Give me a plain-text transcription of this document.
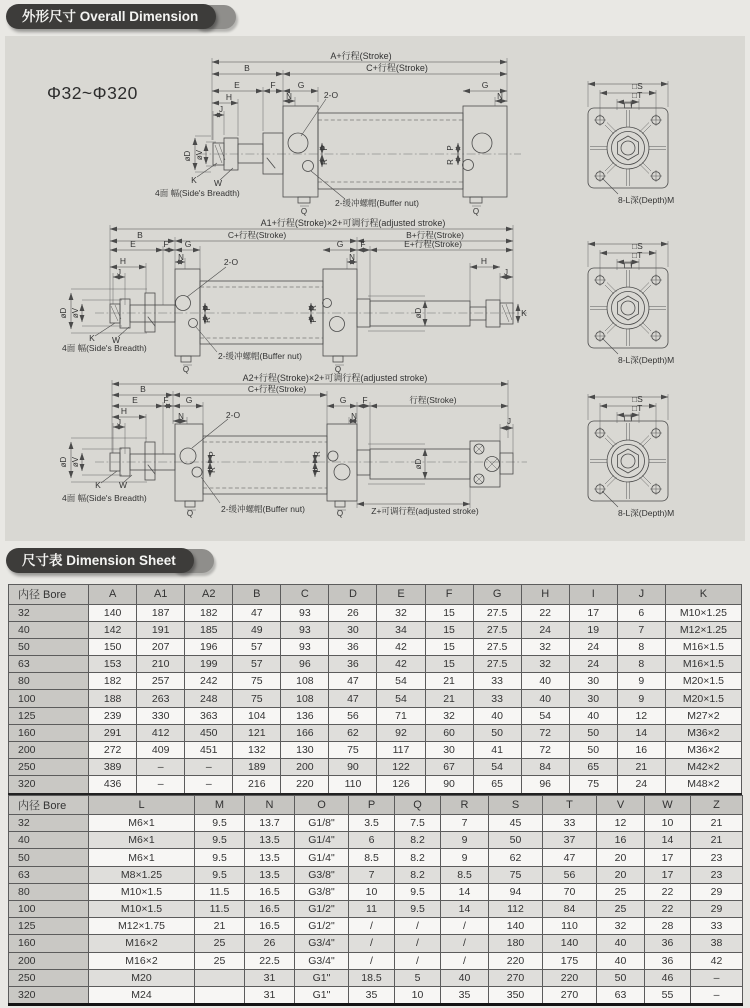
外形尺寸 Overall Dimension
Φ32~Φ320
A+行程(Stroke)
B	C+行程(Stroke)
E	F	G
H
J
N
G
N
2-O
øD øV
K W
4面 幅(Side's Breadth)
2-缓冲螺帽(Buffer nut)
P
R
P
R
Q	Q
A1+行程(Stroke)×2+可调行程(adjusted stroke)
B	C+行程(Stroke)	B+行程(Stroke)
E	F G	G F	E+行程(Stroke)
N	N
H
J
H
J
2-O
øD øV	øD	K
K W
4面 幅(Side's Breadth)
2-缓冲螺帽(Buffer nut)
P
R
R
P
Q	Q
A2+行程(Stroke)×2+可调行程(adjusted stroke)
B	C+行程(Stroke)
E	F G	G F	行程(Stroke)
N	N
H
J	J
2-O
øD øV	øD
K W
4面 幅(Side's Breadth)
2-缓冲螺帽(Buffer nut)	Z+可调行程(adjusted stroke)
P
R
R
P
Q	Q
□S
□T
I
8-L深(Depth)M
□S
□T
I
8-L深(Depth)M
□S
□T
I
8-L深(Depth)M
尺寸表 Dimension Sheet
内径 Bore	A	A1	A2	B	C	D	E	F	G	H	I	J	K
32	140	187	182	47	93	26	32	15	27.5	22	17	6	M10×1.25
40	142	191	185	49	93	30	34	15	27.5	24	19	7	M12×1.25
50	150	207	196	57	93	36	42	15	27.5	32	24	8	M16×1.5
63	153	210	199	57	96	36	42	15	27.5	32	24	8	M16×1.5
80	182	257	242	75	108	47	54	21	33	40	30	9	M20×1.5
100	188	263	248	75	108	47	54	21	33	40	30	9	M20×1.5
125	239	330	363	104	136	56	71	32	40	54	40	12	M27×2
160	291	412	450	121	166	62	92	60	50	72	50	14	M36×2
200	272	409	451	132	130	75	117	30	41	72	50	16	M36×2
250	389	–	–	189	200	90	122	67	54	84	65	21	M42×2
320	436	–	–	216	220	110	126	90	65	96	75	24	M48×2
内径 Bore	L	M	N	O	P	Q	R	S	T	V	W	Z
32	M6×1	9.5	13.7	G1/8"	3.5	7.5	7	45	33	12	10	21
40	M6×1	9.5	13.5	G1/4"	6	8.2	9	50	37	16	14	21
50	M6×1	9.5	13.5	G1/4"	8.5	8.2	9	62	47	20	17	23
63	M8×1.25	9.5	13.5	G3/8"	7	8.2	8.5	75	56	20	17	23
80	M10×1.5	11.5	16.5	G3/8"	10	9.5	14	94	70	25	22	29
100	M10×1.5	11.5	16.5	G1/2"	11	9.5	14	112	84	25	22	29
125	M12×1.75	21	16.5	G1/2"	/	/	/	140	110	32	28	33
160	M16×2	25	26	G3/4"	/	/	/	180	140	40	36	38
200	M16×2	25	22.5	G3/4"	/	/	/	220	175	40	36	42
250	M20		31	G1"	18.5	5	40	270	220	50	46	–
320	M24		31	G1"	35	10	35	350	270	63	55	–
